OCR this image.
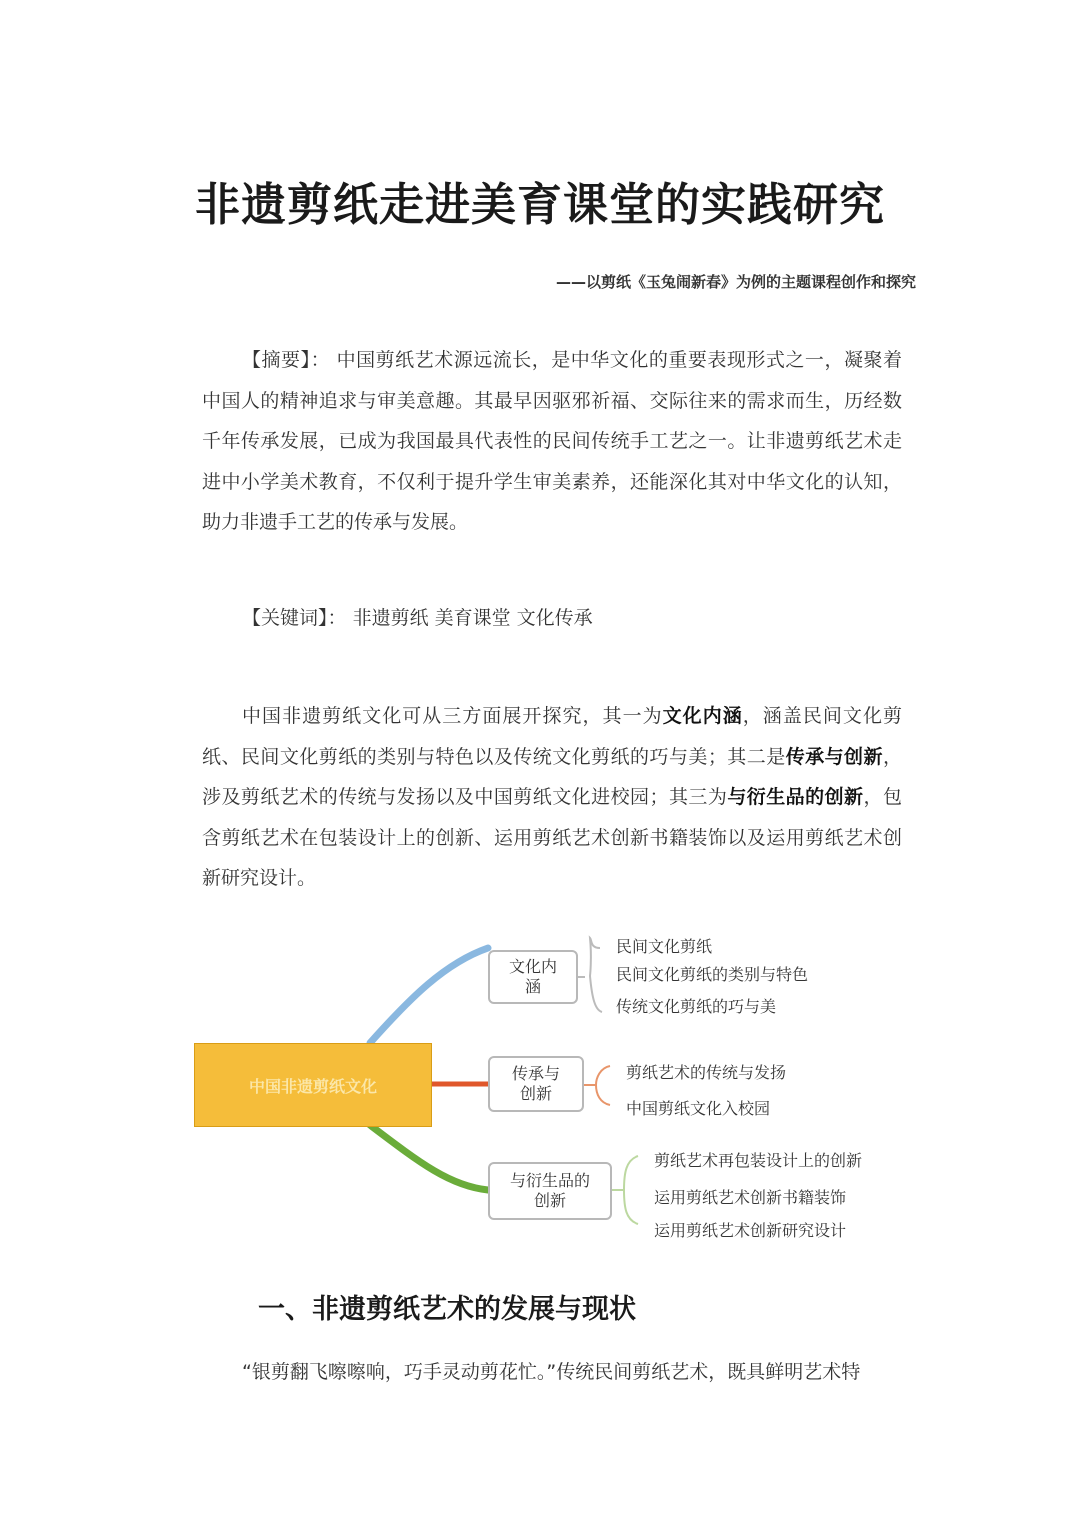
非遗剪纸走进美育课堂的实践研究
——以剪纸《玉兔闹新春》为例的主题课程创作和探究

【摘要】： 中国剪纸艺术源远流长，是中华文化的重要表现形式之一，凝聚着中国人的精神追求与审美意趣。其最早因驱邪祈福、交际往来的需求而生，历经数千年传承发展，已成为我国最具代表性的民间传统手工艺之一。让非遗剪纸艺术走进中小学美术教育，不仅利于提升学生审美素养，还能深化其对中华文化的认知，助力非遗手工艺的传承与发展。

【关键词】： 非遗剪纸 美育课堂 文化传承

中国非遗剪纸文化可从三方面展开探究，其一为文化内涵，涵盖民间文化剪纸、民间文化剪纸的类别与特色以及传统文化剪纸的巧与美；其二是传承与创新，涉及剪纸艺术的传统与发扬以及中国剪纸文化进校园；其三为与衍生品的创新，包含剪纸艺术在包装设计上的创新、运用剪纸艺术创新书籍装饰以及运用剪纸艺术创新研究设计。

中国非遗剪纸文化
文化内
涵
传承与
创新
与衍生品的
创新
民间文化剪纸
民间文化剪纸的类别与特色
传统文化剪纸的巧与美
剪纸艺术的传统与发扬
中国剪纸文化入校园
剪纸艺术再包装设计上的创新
运用剪纸艺术创新书籍装饰
运用剪纸艺术创新研究设计
一、非遗剪纸艺术的发展与现状
“银剪翻飞嚓嚓响，巧手灵动剪花忙。”传统民间剪纸艺术，既具鲜明艺术特
